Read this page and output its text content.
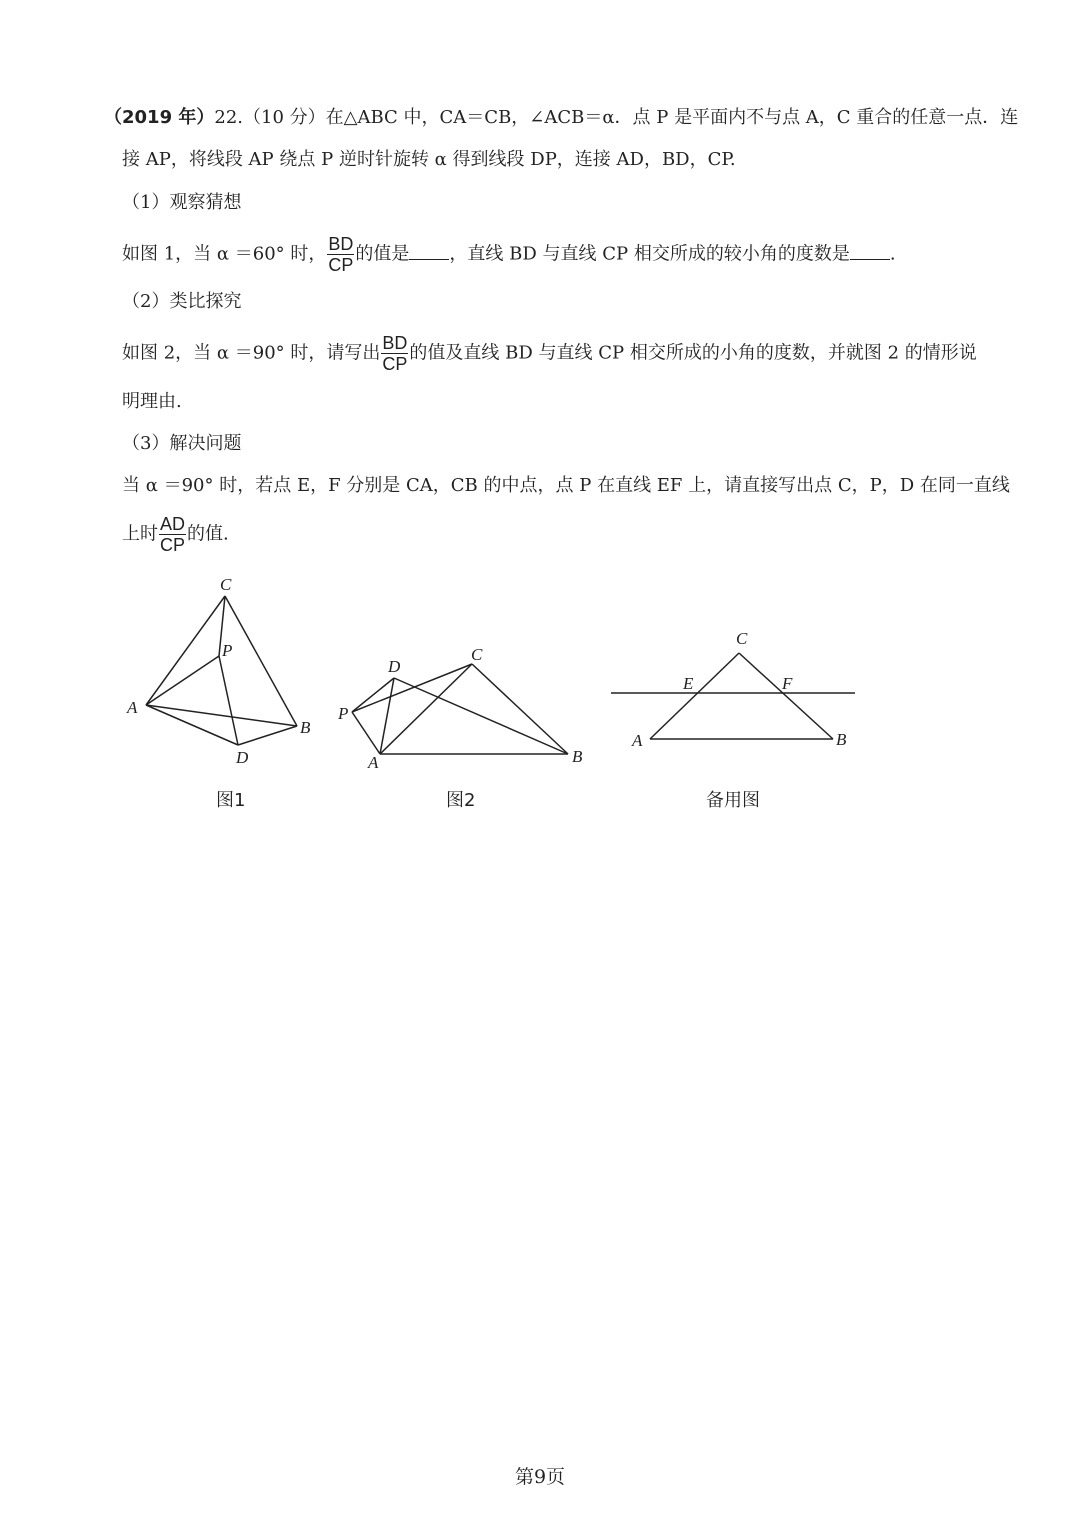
（2019 年）22.（10 分）在△ABC 中，CA＝CB，∠ACB＝α．点 P 是平面内不与点 A，C 重合的任意一点．连
接 AP，将线段 AP 绕点 P 逆时针旋转 α 得到线段 DP，连接 AD，BD，CP.
（1）观察猜想
如图 1，当 α ＝60° 时， $\frac{BD}{CP}$ 的值是 ，直线 BD 与直线 CP 相交所成的较小角的度数是 .
（2）类比探究
如图 2，当 α ＝90° 时，请写出 $\frac{BD}{CP}$ 的值及直线 BD 与直线 CP 相交所成的小角的度数，并就图 2 的情形说
明理由.
（3）解决问题
当 α ＝90° 时，若点 E，F 分别是 CA，CB 的中点，点 P 在直线 EF 上，请直接写出点 C，P，D 在同一直线
上时 $\frac{AD}{CP}$ 的值.
C
P
A
B
D
图1
D
C
P
A	B
图2
C
E	F
A	B
备用图
第9页
